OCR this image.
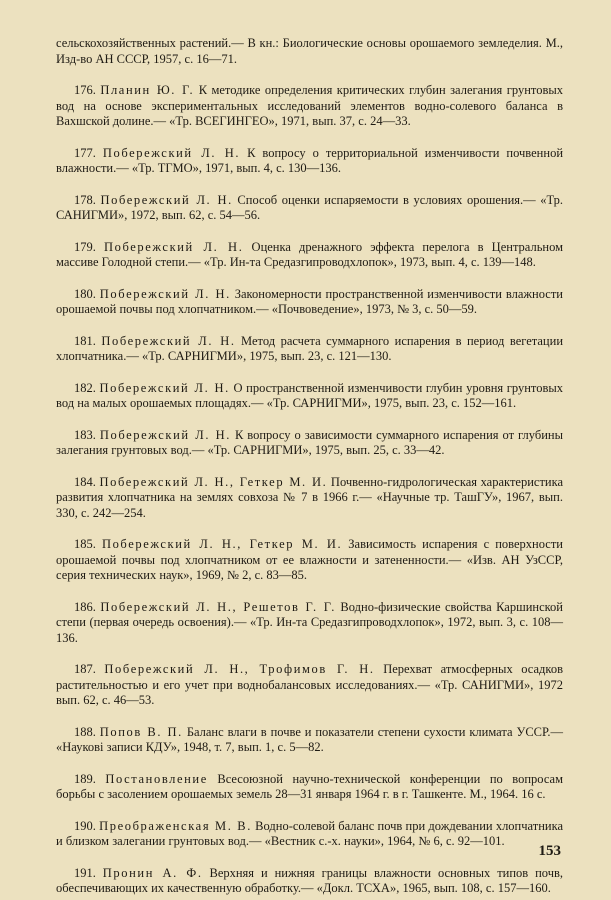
сельскохозяйственных растений.— В кн.: Биологические основы орошаемого земледелия. М., Изд-во АН СССР, 1957, с. 16—71.
176. Планин Ю. Г. К методике определения критических глубин залегания грунтовых вод на основе экспериментальных исследований элементов водно-солевого баланса в Вахшской долине.— «Тр. ВСЕГИНГЕО», 1971, вып. 37, с. 24—33.
177. Побережский Л. Н. К вопросу о территориальной изменчивости почвенной влажности.— «Тр. ТГМО», 1971, вып. 4, с. 130—136.
178. Побережский Л. Н. Способ оценки испаряемости в условиях орошения.— «Тр. САНИГМИ», 1972, вып. 62, с. 54—56.
179. Побережский Л. Н. Оценка дренажного эффекта перелога в Центральном массиве Голодной степи.— «Тр. Ин-та Средазгипроводхлопок», 1973, вып. 4, с. 139—148.
180. Побережский Л. Н. Закономерности пространственной изменчивости влажности орошаемой почвы под хлопчатником.— «Почвоведение», 1973, № 3, с. 50—59.
181. Побережский Л. Н. Метод расчета суммарного испарения в период вегетации хлопчатника.— «Тр. САРНИГМИ», 1975, вып. 23, с. 121—130.
182. Побережский Л. Н. О пространственной изменчивости глубин уровня грунтовых вод на малых орошаемых площадях.— «Тр. САРНИГМИ», 1975, вып. 23, с. 152—161.
183. Побережский Л. Н. К вопросу о зависимости суммарного испарения от глубины залегания грунтовых вод.— «Тр. САРНИГМИ», 1975, вып. 25, с. 33—42.
184. Побережский Л. Н., Геткер М. И. Почвенно-гидрологическая характеристика развития хлопчатника на землях совхоза № 7 в 1966 г.— «Научные тр. ТашГУ», 1967, вып. 330, с. 242—254.
185. Побережский Л. Н., Геткер М. И. Зависимость испарения с поверхности орошаемой почвы под хлопчатником от ее влажности и затененности.— «Изв. АН УзССР, серия технических наук», 1969, № 2, с. 83—85.
186. Побережский Л. Н., Решетов Г. Г. Водно-физические свойства Каршинской степи (первая очередь освоения).— «Тр. Ин-та Средазгипроводхлопок», 1972, вып. 3, с. 108—136.
187. Побережский Л. Н., Трофимов Г. Н. Перехват атмосферных осадков растительностью и его учет при воднобалансовых исследованиях.— «Тр. САНИГМИ», 1972 вып. 62, с. 46—53.
188. Попов В. П. Баланс влаги в почве и показатели степени сухости климата УССР.— «Наукові записи КДУ», 1948, т. 7, вып. 1, с. 5—82.
189. Постановление Всесоюзной научно-технической конференции по вопросам борьбы с засолением орошаемых земель 28—31 января 1964 г. в г. Ташкенте. М., 1964. 16 с.
190. Преображенская М. В. Водно-солевой баланс почв при дождевании хлопчатника и близком залегании грунтовых вод.— «Вестник с.-х. науки», 1964, № 6, с. 92—101.
191. Пронин А. Ф. Верхняя и нижняя границы влажности основных типов почв, обеспечивающих их качественную обработку.— «Докл. ТСХА», 1965, вып. 108, с. 157—160.
153
